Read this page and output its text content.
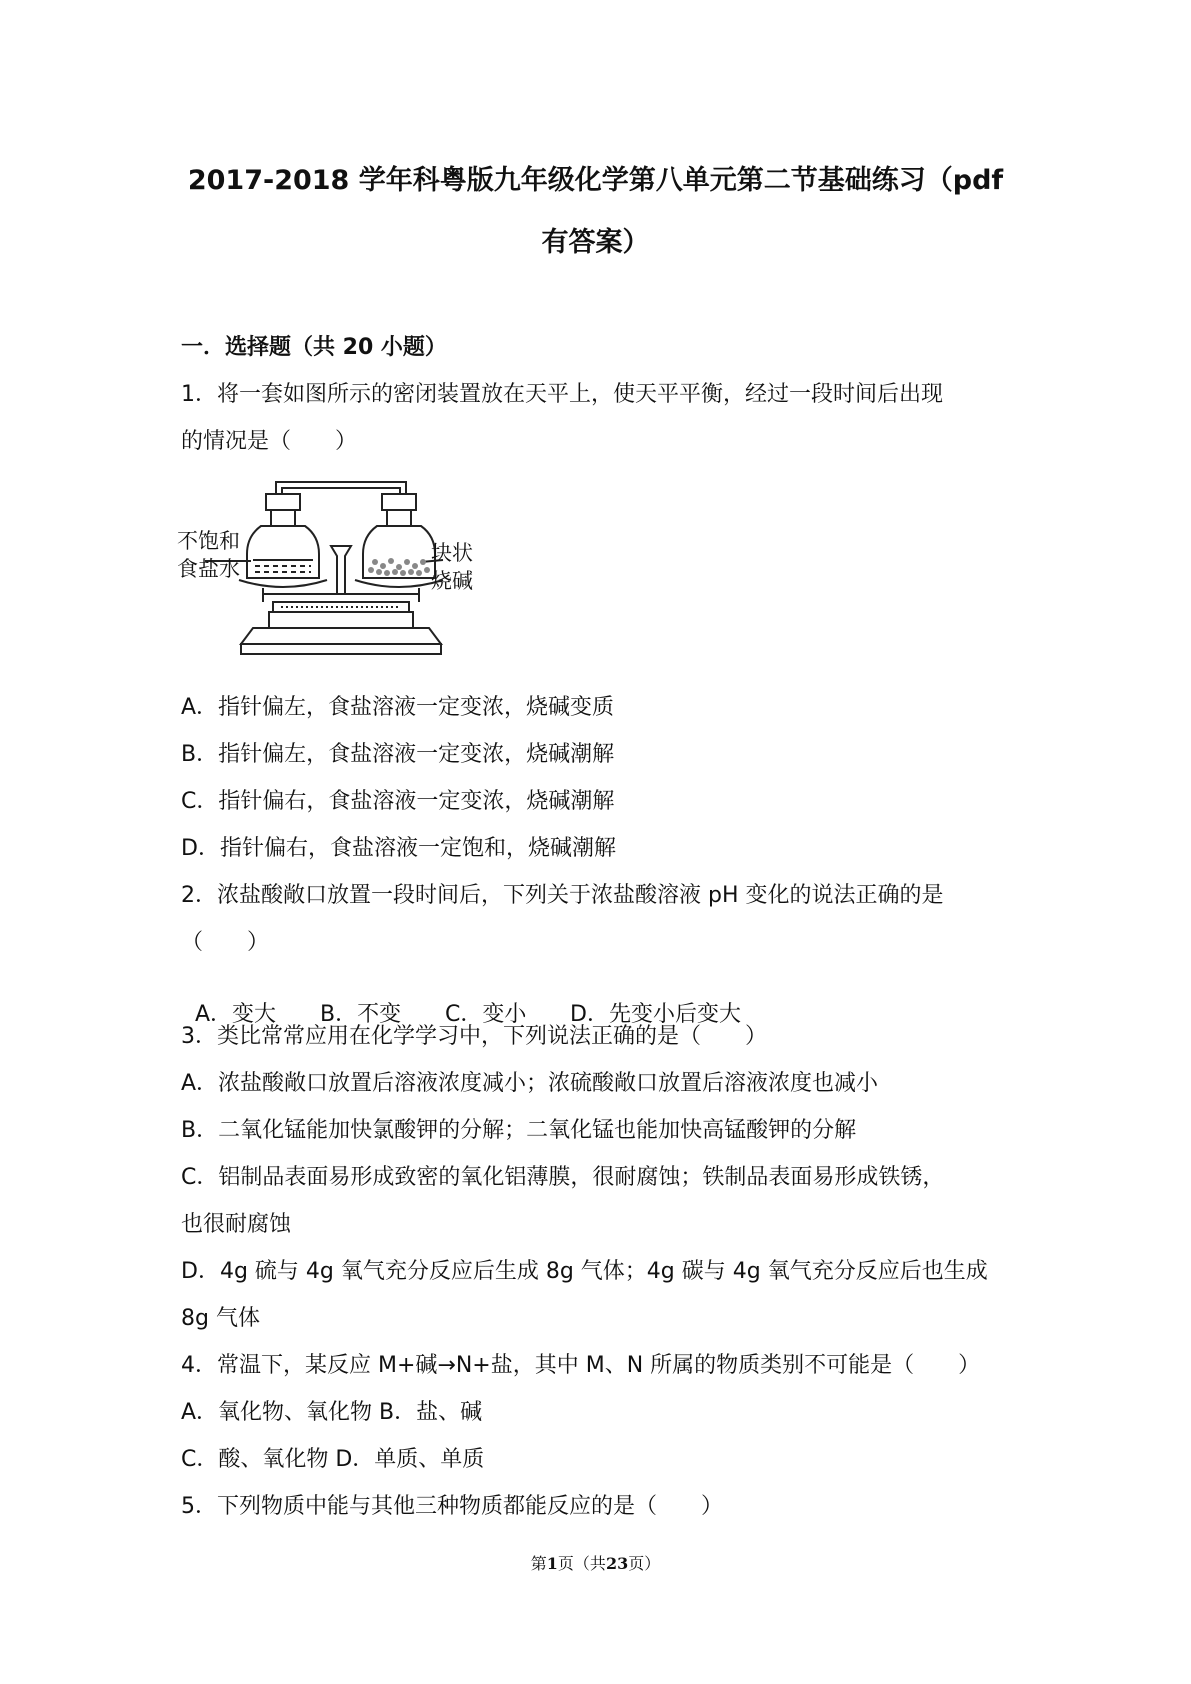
2017-2018 学年科粤版九年级化学第八单元第二节基础练习（pdf
有答案）
一．选择题（共 20 小题）
1．将一套如图所示的密闭装置放在天平上，使天平平衡，经过一段时间后出现
的情况是（　　）
不饱和
食盐水
块状
烧碱
A．指针偏左，食盐溶液一定变浓，烧碱变质
B．指针偏左，食盐溶液一定变浓，烧碱潮解
C．指针偏右，食盐溶液一定变浓，烧碱潮解
D．指针偏右，食盐溶液一定饱和，烧碱潮解
2．浓盐酸敞口放置一段时间后，下列关于浓盐酸溶液 pH 变化的说法正确的是
（　　）

A．变大 B．不变 C．变小 D．先变小后变大

3．类比常常应用在化学学习中，下列说法正确的是（　　）
A．浓盐酸敞口放置后溶液浓度减小；浓硫酸敞口放置后溶液浓度也减小
B．二氧化锰能加快氯酸钾的分解；二氧化锰也能加快高锰酸钾的分解
C．铝制品表面易形成致密的氧化铝薄膜，很耐腐蚀；铁制品表面易形成铁锈，
也很耐腐蚀
D．4g 硫与 4g 氧气充分反应后生成 8g 气体；4g 碳与 4g 氧气充分反应后也生成
8g 气体
4．常温下，某反应 M+碱→N+盐，其中 M、N 所属的物质类别不可能是（　　）
A．氧化物、氧化物 B．盐、碱
C．酸、氧化物 D．单质、单质
5．下列物质中能与其他三种物质都能反应的是（　　）
第1页（共23页）
